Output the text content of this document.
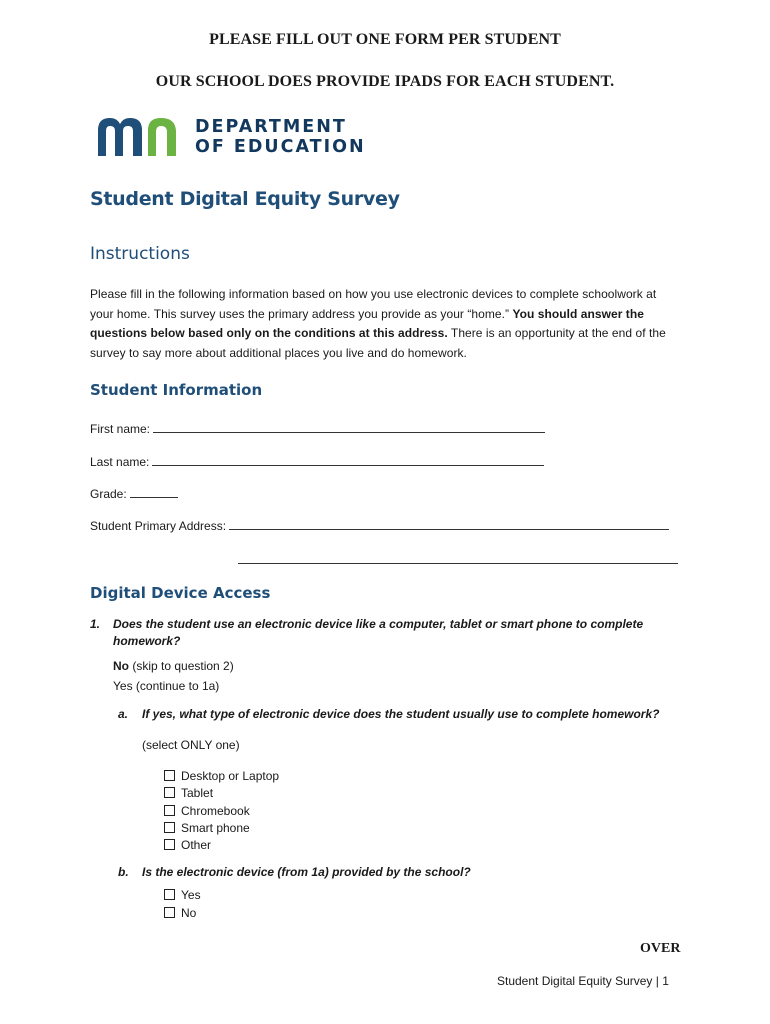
PLEASE FILL OUT ONE FORM PER STUDENT
OUR SCHOOL DOES PROVIDE IPADS FOR EACH STUDENT.
DEPARTMENT
OF EDUCATION
Student Digital Equity Survey
Instructions
Please fill in the following information based on how you use electronic devices to complete schoolwork at your home. This survey uses the primary address you provide as your “home.” You should answer the questions below based only on the conditions at this address. There is an opportunity at the end of the survey to say more about additional places you live and do homework.
Student Information
First name:
Last name:
Grade:
Student Primary Address:
Digital Device Access
1. Does the student use an electronic device like a computer, tablet or smart phone to complete homework?
No (skip to question 2)
Yes (continue to 1a)
a. If yes, what type of electronic device does the student usually use to complete homework?
(select ONLY one)
Desktop or Laptop
Tablet
Chromebook
Smart phone
Other
b. Is the electronic device (from 1a) provided by the school?
Yes
No
OVER
Student Digital Equity Survey | 1
